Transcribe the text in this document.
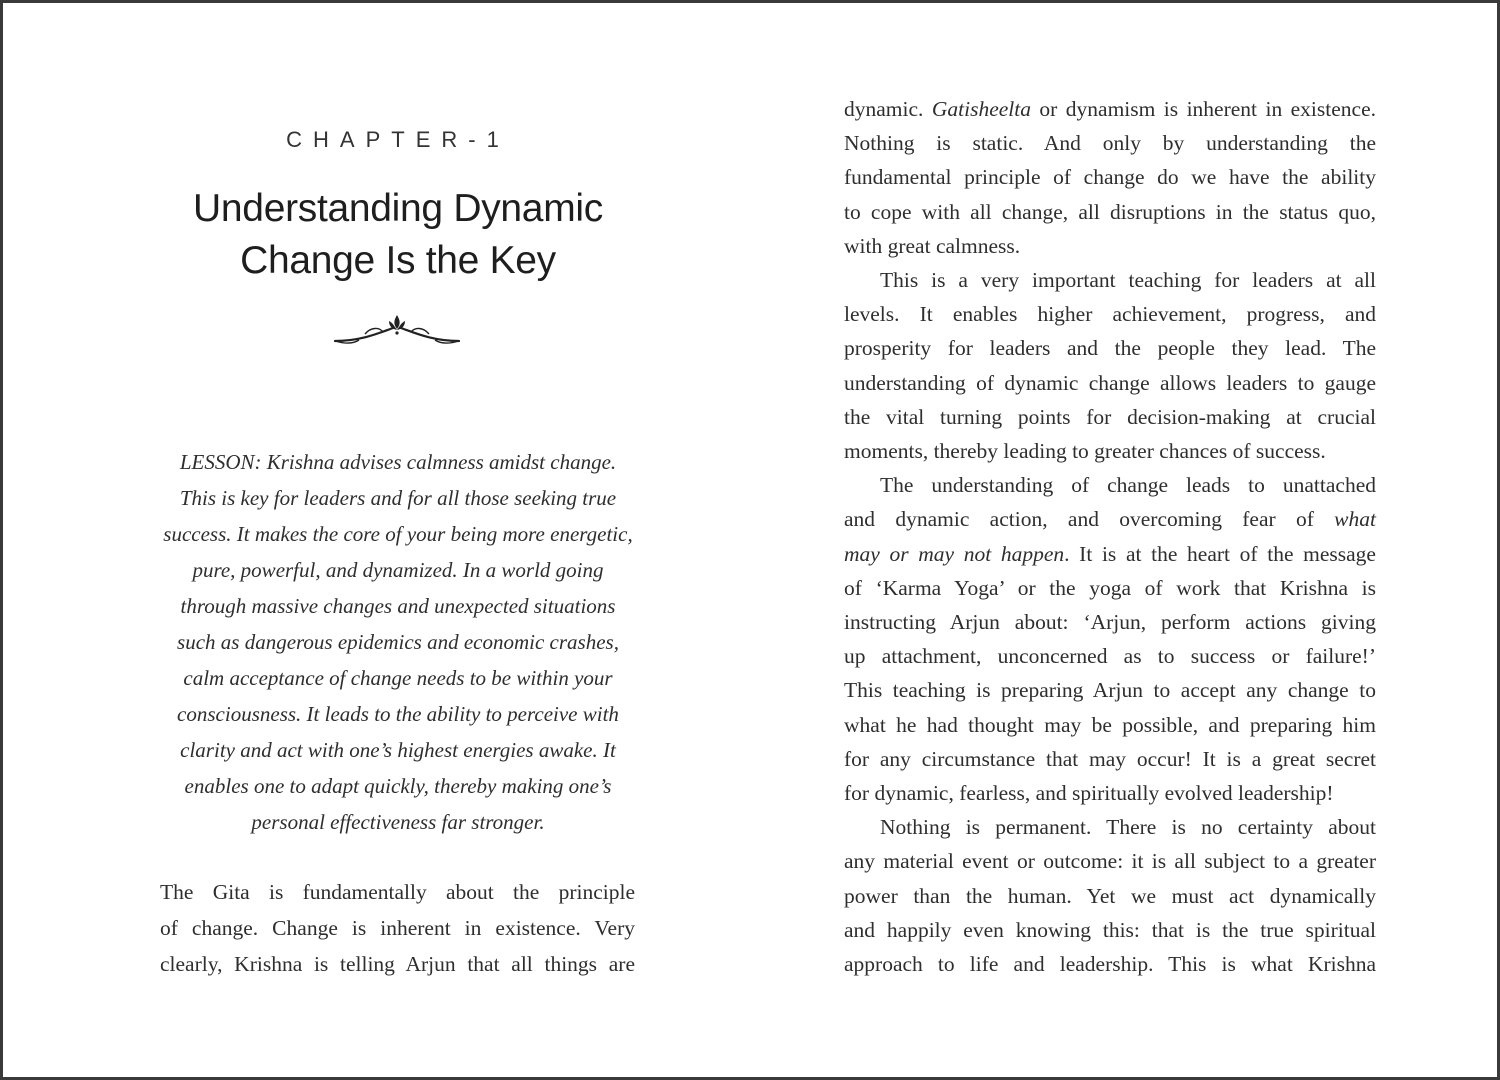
CHAPTER-1
Understanding Dynamic
Change Is the Key
LESSON: Krishna advises calmness amidst change.
This is key for leaders and for all those seeking true
success. It makes the core of your being more energetic,
pure, powerful, and dynamized. In a world going
through massive changes and unexpected situations
such as dangerous epidemics and economic crashes,
calm acceptance of change needs to be within your
consciousness. It leads to the ability to perceive with
clarity and act with one’s highest energies awake. It
enables one to adapt quickly, thereby making one’s
personal effectiveness far stronger.
The Gita is fundamentally about the principle
of change. Change is inherent in existence. Very
clearly, Krishna is telling Arjun that all things are
dynamic. Gatisheelta or dynamism is inherent in existence.
Nothing is static. And only by understanding the
fundamental principle of change do we have the ability
to cope with all change, all disruptions in the status quo,
with great calmness.
This is a very important teaching for leaders at all
levels. It enables higher achievement, progress, and
prosperity for leaders and the people they lead. The
understanding of dynamic change allows leaders to gauge
the vital turning points for decision-making at crucial
moments, thereby leading to greater chances of success.
The understanding of change leads to unattached
and dynamic action, and overcoming fear of what
may or may not happen. It is at the heart of the message
of ‘Karma Yoga’ or the yoga of work that Krishna is
instructing Arjun about: ‘Arjun, perform actions giving
up attachment, unconcerned as to success or failure!’
This teaching is preparing Arjun to accept any change to
what he had thought may be possible, and preparing him
for any circumstance that may occur! It is a great secret
for dynamic, fearless, and spiritually evolved leadership!
Nothing is permanent. There is no certainty about
any material event or outcome: it is all subject to a greater
power than the human. Yet we must act dynamically
and happily even knowing this: that is the true spiritual
approach to life and leadership. This is what Krishna
